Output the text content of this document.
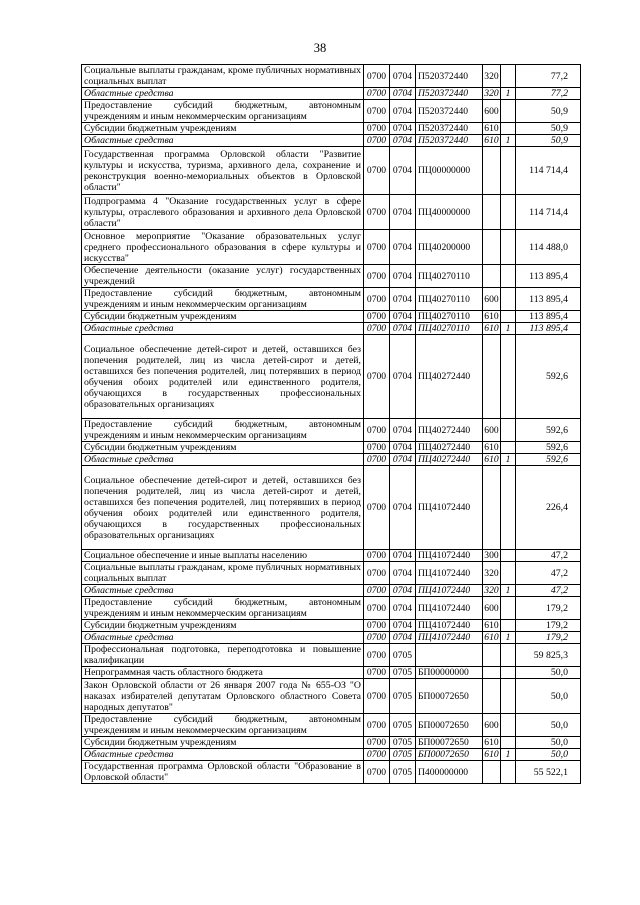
38
Социальные выплаты гражданам, кроме публичных нормативных социальных выплат	0700	0704	П520372440	320		77,2
Областные средства	0700	0704	П520372440	320	1	77,2
Предоставление субсидий бюджетным, автономным учреждениям и иным некоммерческим организациям	0700	0704	П520372440	600		50,9
Субсидии бюджетным учреждениям	0700	0704	П520372440	610		50,9
Областные средства	0700	0704	П520372440	610	1	50,9
Государственная программа Орловской области "Развитие культуры и искусства, туризма, архивного дела, сохранение и реконструкция военно-мемориальных объектов в Орловской области"	0700	0704	ПЦ00000000			114 714,4
Подпрограмма 4 "Оказание государственных услуг в сфере культуры, отраслевого образования и архивного дела Орловской области"	0700	0704	ПЦ40000000			114 714,4
Основное мероприятие "Оказание образовательных услуг среднего профессионального образования в сфере культуры и искусства"	0700	0704	ПЦ40200000			114 488,0
Обеспечение деятельности (оказание услуг) государственных учреждений	0700	0704	ПЦ40270110			113 895,4
Предоставление субсидий бюджетным, автономным учреждениям и иным некоммерческим организациям	0700	0704	ПЦ40270110	600		113 895,4
Субсидии бюджетным учреждениям	0700	0704	ПЦ40270110	610		113 895,4
Областные средства	0700	0704	ПЦ40270110	610	1	113 895,4
Социальное обеспечение детей-сирот и детей, оставшихся без попечения родителей, лиц из числа детей-сирот и детей, оставшихся без попечения родителей, лиц потерявших в период обучения обоих родителей или единственного родителя, обучающихся в государственных профессиональных образовательных организациях	0700	0704	ПЦ40272440			592,6
Предоставление субсидий бюджетным, автономным учреждениям и иным некоммерческим организациям	0700	0704	ПЦ40272440	600		592,6
Субсидии бюджетным учреждениям	0700	0704	ПЦ40272440	610		592,6
Областные средства	0700	0704	ПЦ40272440	610	1	592,6
Социальное обеспечение детей-сирот и детей, оставшихся без попечения родителей, лиц из числа детей-сирот и детей, оставшихся без попечения родителей, лиц потерявших в период обучения обоих родителей или единственного родителя, обучающихся в государственных профессиональных образовательных организациях	0700	0704	ПЦ41072440			226,4
Социальное обеспечение и иные выплаты населению	0700	0704	ПЦ41072440	300		47,2
Социальные выплаты гражданам, кроме публичных нормативных социальных выплат	0700	0704	ПЦ41072440	320		47,2
Областные средства	0700	0704	ПЦ41072440	320	1	47,2
Предоставление субсидий бюджетным, автономным учреждениям и иным некоммерческим организациям	0700	0704	ПЦ41072440	600		179,2
Субсидии бюджетным учреждениям	0700	0704	ПЦ41072440	610		179,2
Областные средства	0700	0704	ПЦ41072440	610	1	179,2
Профессиональная подготовка, переподготовка и повышение квалификации	0700	0705				59 825,3
Непрограммная часть областного бюджета	0700	0705	БП00000000			50,0
Закон Орловской области от 26 января 2007 года № 655-ОЗ "О наказах избирателей депутатам Орловского областного Совета народных депутатов"	0700	0705	БП00072650			50,0
Предоставление субсидий бюджетным, автономным учреждениям и иным некоммерческим организациям	0700	0705	БП00072650	600		50,0
Субсидии бюджетным учреждениям	0700	0705	БП00072650	610		50,0
Областные средства	0700	0705	БП00072650	610	1	50,0
Государственная программа Орловской области "Образование в Орловской области"	0700	0705	П400000000			55 522,1
